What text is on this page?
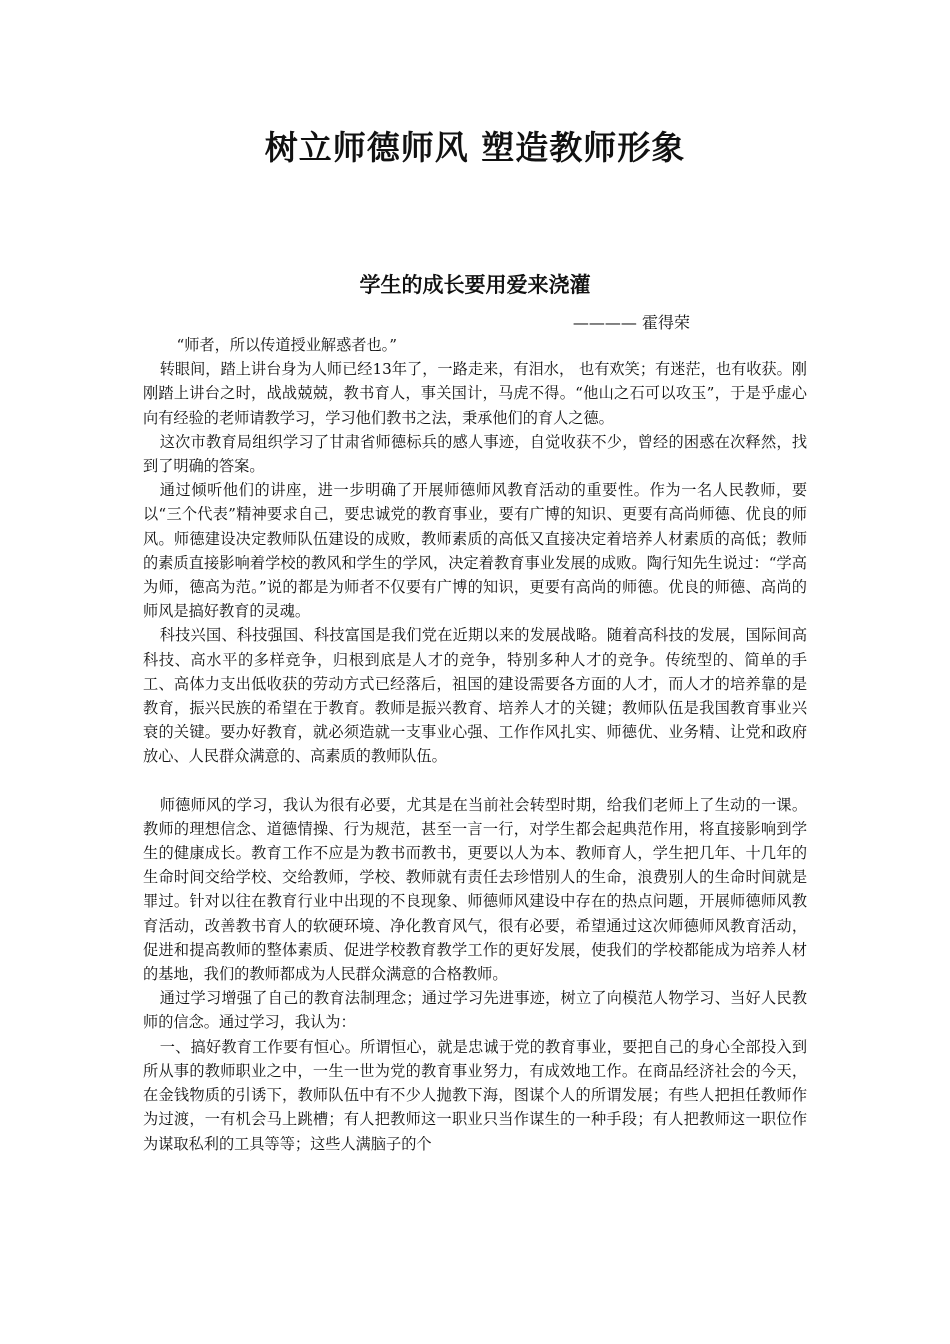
树立师德师风 塑造教师形象
学生的成长要用爱来浇灌
———— 霍得荣

“师者，所以传道授业解惑者也。”

转眼间，踏上讲台身为人师已经13年了，一路走来，有泪水， 也有欢笑；有迷茫，也有收获。刚刚踏上讲台之时，战战兢兢，教书育人，事关国计，马虎不得。“他山之石可以攻玉”，于是乎虚心向有经验的老师请教学习，学习他们教书之法，秉承他们的育人之德。

这次市教育局组织学习了甘肃省师德标兵的感人事迹，自觉收获不少，曾经的困惑在次释然，找到了明确的答案。

通过倾听他们的讲座，进一步明确了开展师德师风教育活动的重要性。作为一名人民教师，要以“三个代表”精神要求自己，要忠诚党的教育事业，要有广博的知识、更要有高尚师德、优良的师风。师德建设决定教师队伍建设的成败，教师素质的高低又直接决定着培养人材素质的高低；教师的素质直接影响着学校的教风和学生的学风，决定着教育事业发展的成败。陶行知先生说过：“学高为师，德高为范。”说的都是为师者不仅要有广博的知识，更要有高尚的师德。优良的师德、高尚的师风是搞好教育的灵魂。

科技兴国、科技强国、科技富国是我们党在近期以来的发展战略。随着高科技的发展，国际间高科技、高水平的多样竞争，归根到底是人才的竞争，特别多种人才的竞争。传统型的、简单的手工、高体力支出低收获的劳动方式已经落后，祖国的建设需要各方面的人才，而人才的培养靠的是教育，振兴民族的希望在于教育。教师是振兴教育、培养人才的关键；教师队伍是我国教育事业兴衰的关键。要办好教育，就必须造就一支事业心强、工作作风扎实、师德优、业务精、让党和政府放心、人民群众满意的、高素质的教师队伍。

师德师风的学习，我认为很有必要，尤其是在当前社会转型时期，给我们老师上了生动的一课。教师的理想信念、道德情操、行为规范，甚至一言一行，对学生都会起典范作用，将直接影响到学生的健康成长。教育工作不应是为教书而教书，更要以人为本、教师育人，学生把几年、十几年的生命时间交给学校、交给教师，学校、教师就有责任去珍惜别人的生命，浪费别人的生命时间就是罪过。针对以往在教育行业中出现的不良现象、师德师风建设中存在的热点问题，开展师德师风教育活动，改善教书育人的软硬环境、净化教育风气，很有必要，希望通过这次师德师风教育活动，促进和提高教师的整体素质、促进学校教育教学工作的更好发展，使我们的学校都能成为培养人材的基地，我们的教师都成为人民群众满意的合格教师。

通过学习增强了自己的教育法制理念；通过学习先进事迹，树立了向模范人物学习、当好人民教师的信念。通过学习，我认为：

一、搞好教育工作要有恒心。所谓恒心，就是忠诚于党的教育事业，要把自己的身心全部投入到所从事的教师职业之中，一生一世为党的教育事业努力，有成效地工作。在商品经济社会的今天，在金钱物质的引诱下，教师队伍中有不少人抛教下海，图谋个人的所谓发展；有些人把担任教师作为过渡，一有机会马上跳槽；有人把教师这一职业只当作谋生的一种手段；有人把教师这一职位作为谋取私利的工具等等；这些人满脑子的个
